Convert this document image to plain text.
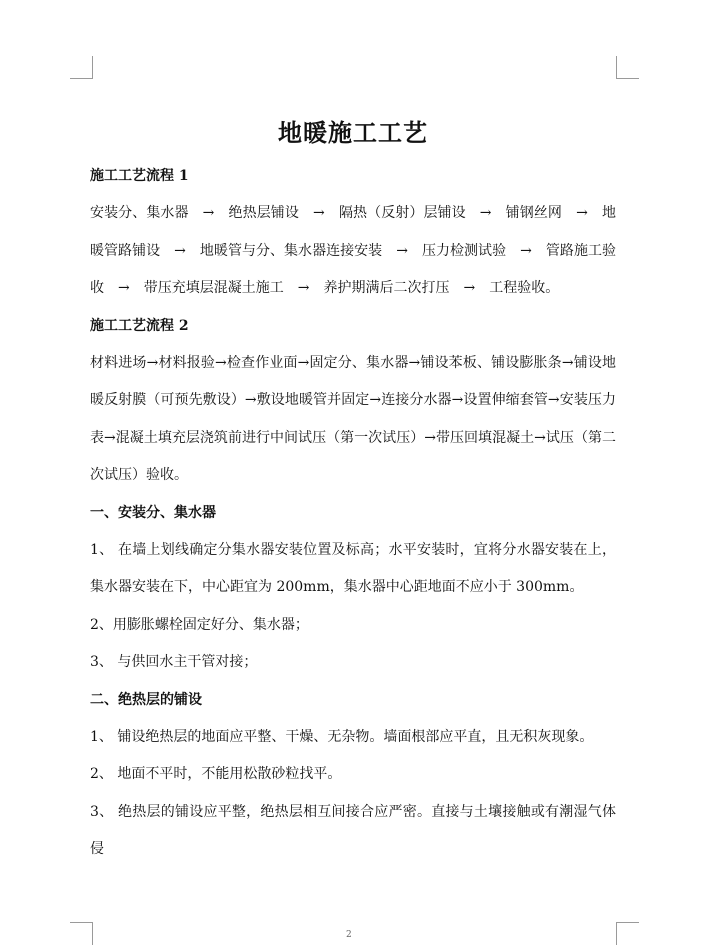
地暖施工工艺
施工工艺流程 1

安装分、集水器　→　绝热层铺设　→　隔热（反射）层铺设　→　铺钢丝网　→　地暖管路铺设　→　地暖管与分、集水器连接安装　→　压力检测试验　→　管路施工验收　→　带压充填层混凝土施工　→　养护期满后二次打压　→　工程验收。

施工工艺流程 2

材料进场→材料报验→检查作业面→固定分、集水器→铺设苯板、铺设膨胀条→铺设地暖反射膜（可预先敷设）→敷设地暖管并固定→连接分水器→设置伸缩套管→安装压力表→混凝土填充层浇筑前进行中间试压（第一次试压）→带压回填混凝土→试压（第二次试压）验收。

一、安装分、集水器

1、 在墙上划线确定分集水器安装位置及标高；水平安装时，宜将分水器安装在上，集水器安装在下，中心距宜为 200mm，集水器中心距地面不应小于 300mm。

2、用膨胀螺栓固定好分、集水器；

3、 与供回水主干管对接；

二、绝热层的铺设

1、 铺设绝热层的地面应平整、干燥、无杂物。墙面根部应平直，且无积灰现象。

2、 地面不平时，不能用松散砂粒找平。

3、 绝热层的铺设应平整，绝热层相互间接合应严密。直接与土壤接触或有潮湿气体侵

2
